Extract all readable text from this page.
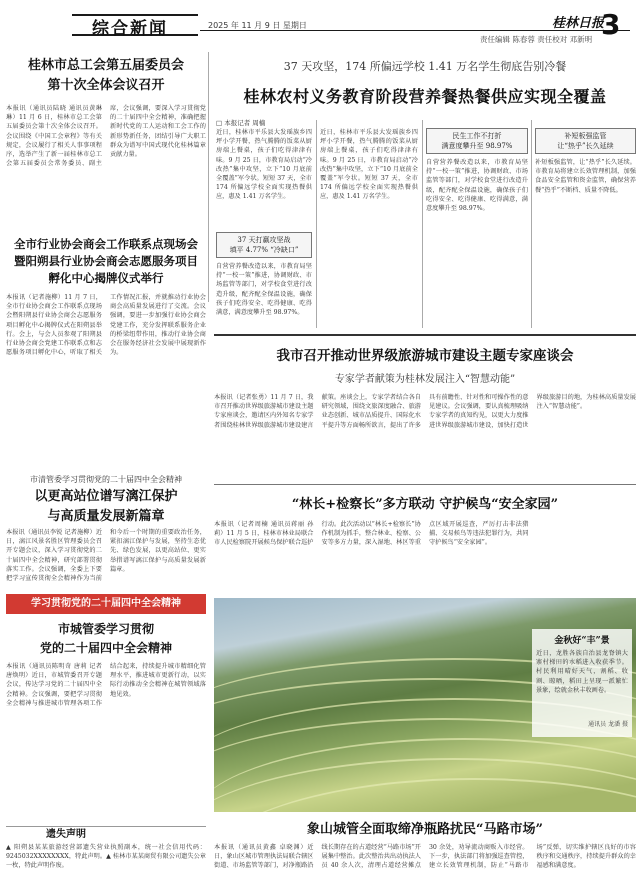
综合新闻	2025 年 11 月 9 日 星期日
责任编辑 陈春蓉 责任校对 邓新明
桂林日报
3
桂林市总工会第五届委员会
第十次全体会议召开
本报讯（通讯员陆晓 通讯员黄琳琳）11 月 6 日，桂林市总工会第五届委员会第十次全体会议召开。会议围绕《中国工会章程》等有关规定，会议履行了相关人事事项程序，选举产生了新一届桂林市总工会第五届委员会常务委员、副主席，会议强调，要深入学习贯彻党的二十届四中全会精神，准确把握新时代党的工人运动和工会工作的新形势新任务，团结引导广大职工群众为谱写中国式现代化桂林篇章贡献力量。
全市行业协会商会工作联系点现场会
暨阳朔县行业协会商会志愿服务项目
孵化中心揭牌仪式举行
本报讯（记者施柳）11 月 7 日，全市行业协会商会工作联系点现场会暨阳朔县行业协会商会志愿服务项目孵化中心揭牌仪式在阳朔县举行。会上，与会人员参观了阳朔县行业协会商会党建工作联系点和志愿服务项目孵化中心，听取了相关工作情况汇报，并就推动行业协会商会高质量发展进行了交流。会议强调，要进一步加强行业协会商会党建工作，充分发挥联系服务企业的桥梁纽带作用，推动行业协会商会在服务经济社会发展中展现新作为。
市清管委学习贯彻党的二十届四中全会精神
以更高站位谱写漓江保护
与高质量发展新篇章
本报讯（通讯员李锐 记者施柳）近日，漓江风景名胜区管理委员会召开专题会议，深入学习贯彻党的二十届四中全会精神，研究部署贯彻落实工作。会议强调，全委上下要把学习宣传贯彻全会精神作为当前和今后一个时期的重要政治任务，紧扣漓江保护与发展，坚持生态优先、绿色发展，以更高站位、更实举措谱写漓江保护与高质量发展新篇章。
学习贯彻党的二十届四中全会精神
市城管委学习贯彻
党的二十届四中全会精神
本报讯（通讯员陈明奇 唐莉 记者唐焕明）近日，市城管委召开专题会议，传达学习党的二十届四中全会精神。会议强调，要把学习贯彻全会精神与推进城市管理各项工作结合起来，持续提升城市精细化管理水平，推进城市更新行动，以实际行动推动全会精神在城管领域落地见效。
遗失声明
▲ 阳朔县某某旅游经营部遗失营业执照副本，统一社会信用代码：9245032XXXXXXXX，特此声明。▲ 桂林市某某商贸有限公司遗失公章一枚，特此声明作废。
37 天攻坚，174 所偏远学校 1.41 万名学生彻底告别冷餐
桂林农村义务教育阶段营养餐热餐供应实现全覆盖
□ 本报记者 周楠
近日，桂林市平乐县大发瑶族乡四坪小学开餐，热气腾腾的饭菜从厨房端上餐桌，孩子们吃得津津有味。9 月 25 日，市教育局启动“冷改热”集中攻坚，立下“10 月底前全覆盖”军令状。短短 37 天，全市 174 所偏远学校全面实现热餐供应，惠及 1.41 万名学生。
37 天打赢攻坚战
填平 4.77% “冷缺口”
自营营养餐改造以来，市教育局坚持“一校一策”推进，协调财政、市场监管等部门，对学校食堂进行改造升级，配齐配全保温设施，确保孩子们吃得安全、吃得健康、吃得满意，满意度攀升至 98.97%。
近日，桂林市平乐县大发瑶族乡四坪小学开餐，热气腾腾的饭菜从厨房端上餐桌，孩子们吃得津津有味。9 月 25 日，市教育局启动“冷改热”集中攻坚，立下“10 月底前全覆盖”军令状。短短 37 天，全市 174 所偏远学校全面实现热餐供应，惠及 1.41 万名学生。
民生工作不打折
满意度攀升至 98.97%
自营营养餐改造以来，市教育局坚持“一校一策”推进，协调财政、市场监管等部门，对学校食堂进行改造升级，配齐配全保温设施，确保孩子们吃得安全、吃得健康、吃得满意，满意度攀升至 98.97%。
补短板强监管
让“热乎”长久延续
补短板强监管，让“热乎”长久延续。市教育局将建立长效管理机制，加强食品安全监管和资金监管，确保营养餐“热乎”不断档、质量不降低。
我市召开推动世界级旅游城市建设主题专家座谈会
专家学者献策为桂林发展注入“智慧动能”
本报讯（记者张勇）11 月 7 日，我市召开推动世界级旅游城市建设主题专家座谈会，邀请区内外知名专家学者围绕桂林世界级旅游城市建设建言献策。座谈会上，专家学者结合各自研究领域，围绕文旅深度融合、旅游业态创新、城市品质提升、国际化水平提升等方面畅所欲言，提出了许多具有前瞻性、针对性和可操作性的意见建议。会议强调，要认真梳理吸纳专家学者的真知灼见，以更大力度推进世界级旅游城市建设，加快打造世界级旅游目的地，为桂林高质量发展注入“智慧动能”。
“林长+检察长”多方联动 守护候鸟“安全家园”
本报讯（记者周楠 通讯员蒋丽 孙莉）11 月 5 日，桂林市林业局联合市人民检察院开展候鸟保护联合巡护行动。此次活动以“林长+检察长”协作机制为抓手，整合林业、检察、公安等多方力量，深入湿地、林区等重点区域开展巡查，严厉打击非法猎捕、交易候鸟等违法犯罪行为，共同守护候鸟“安全家园”。
金秋好“丰”景
近日，龙胜各族自治县龙脊镇大寨村梯田的水稻进入收获季节。村民利用晴好天气，割稻、收割、晾晒，稻田上呈现一派繁忙景象，绘就金秋丰收画卷。
通讯员 龙潘 摄
象山城管全面取缔净瓶路扰民“马路市场”
本报讯（通讯员黄鑫 卓晓渊）近日，象山区城市管理执法局联合辖区街道、市场监管等部门，对净瓶路沿线长期存在的占道经营“马路市场”开展集中整治。此次整治共出动执法人员 40 余人次，清理占道经营摊点 30 余处，劝导流动商贩入市经营。下一步，执法部门将加强巡查管控，建立长效管理机制，防止“马路市场”反弹，切实维护辖区良好的市容秩序和交通秩序，持续提升群众的幸福感和满意度。
